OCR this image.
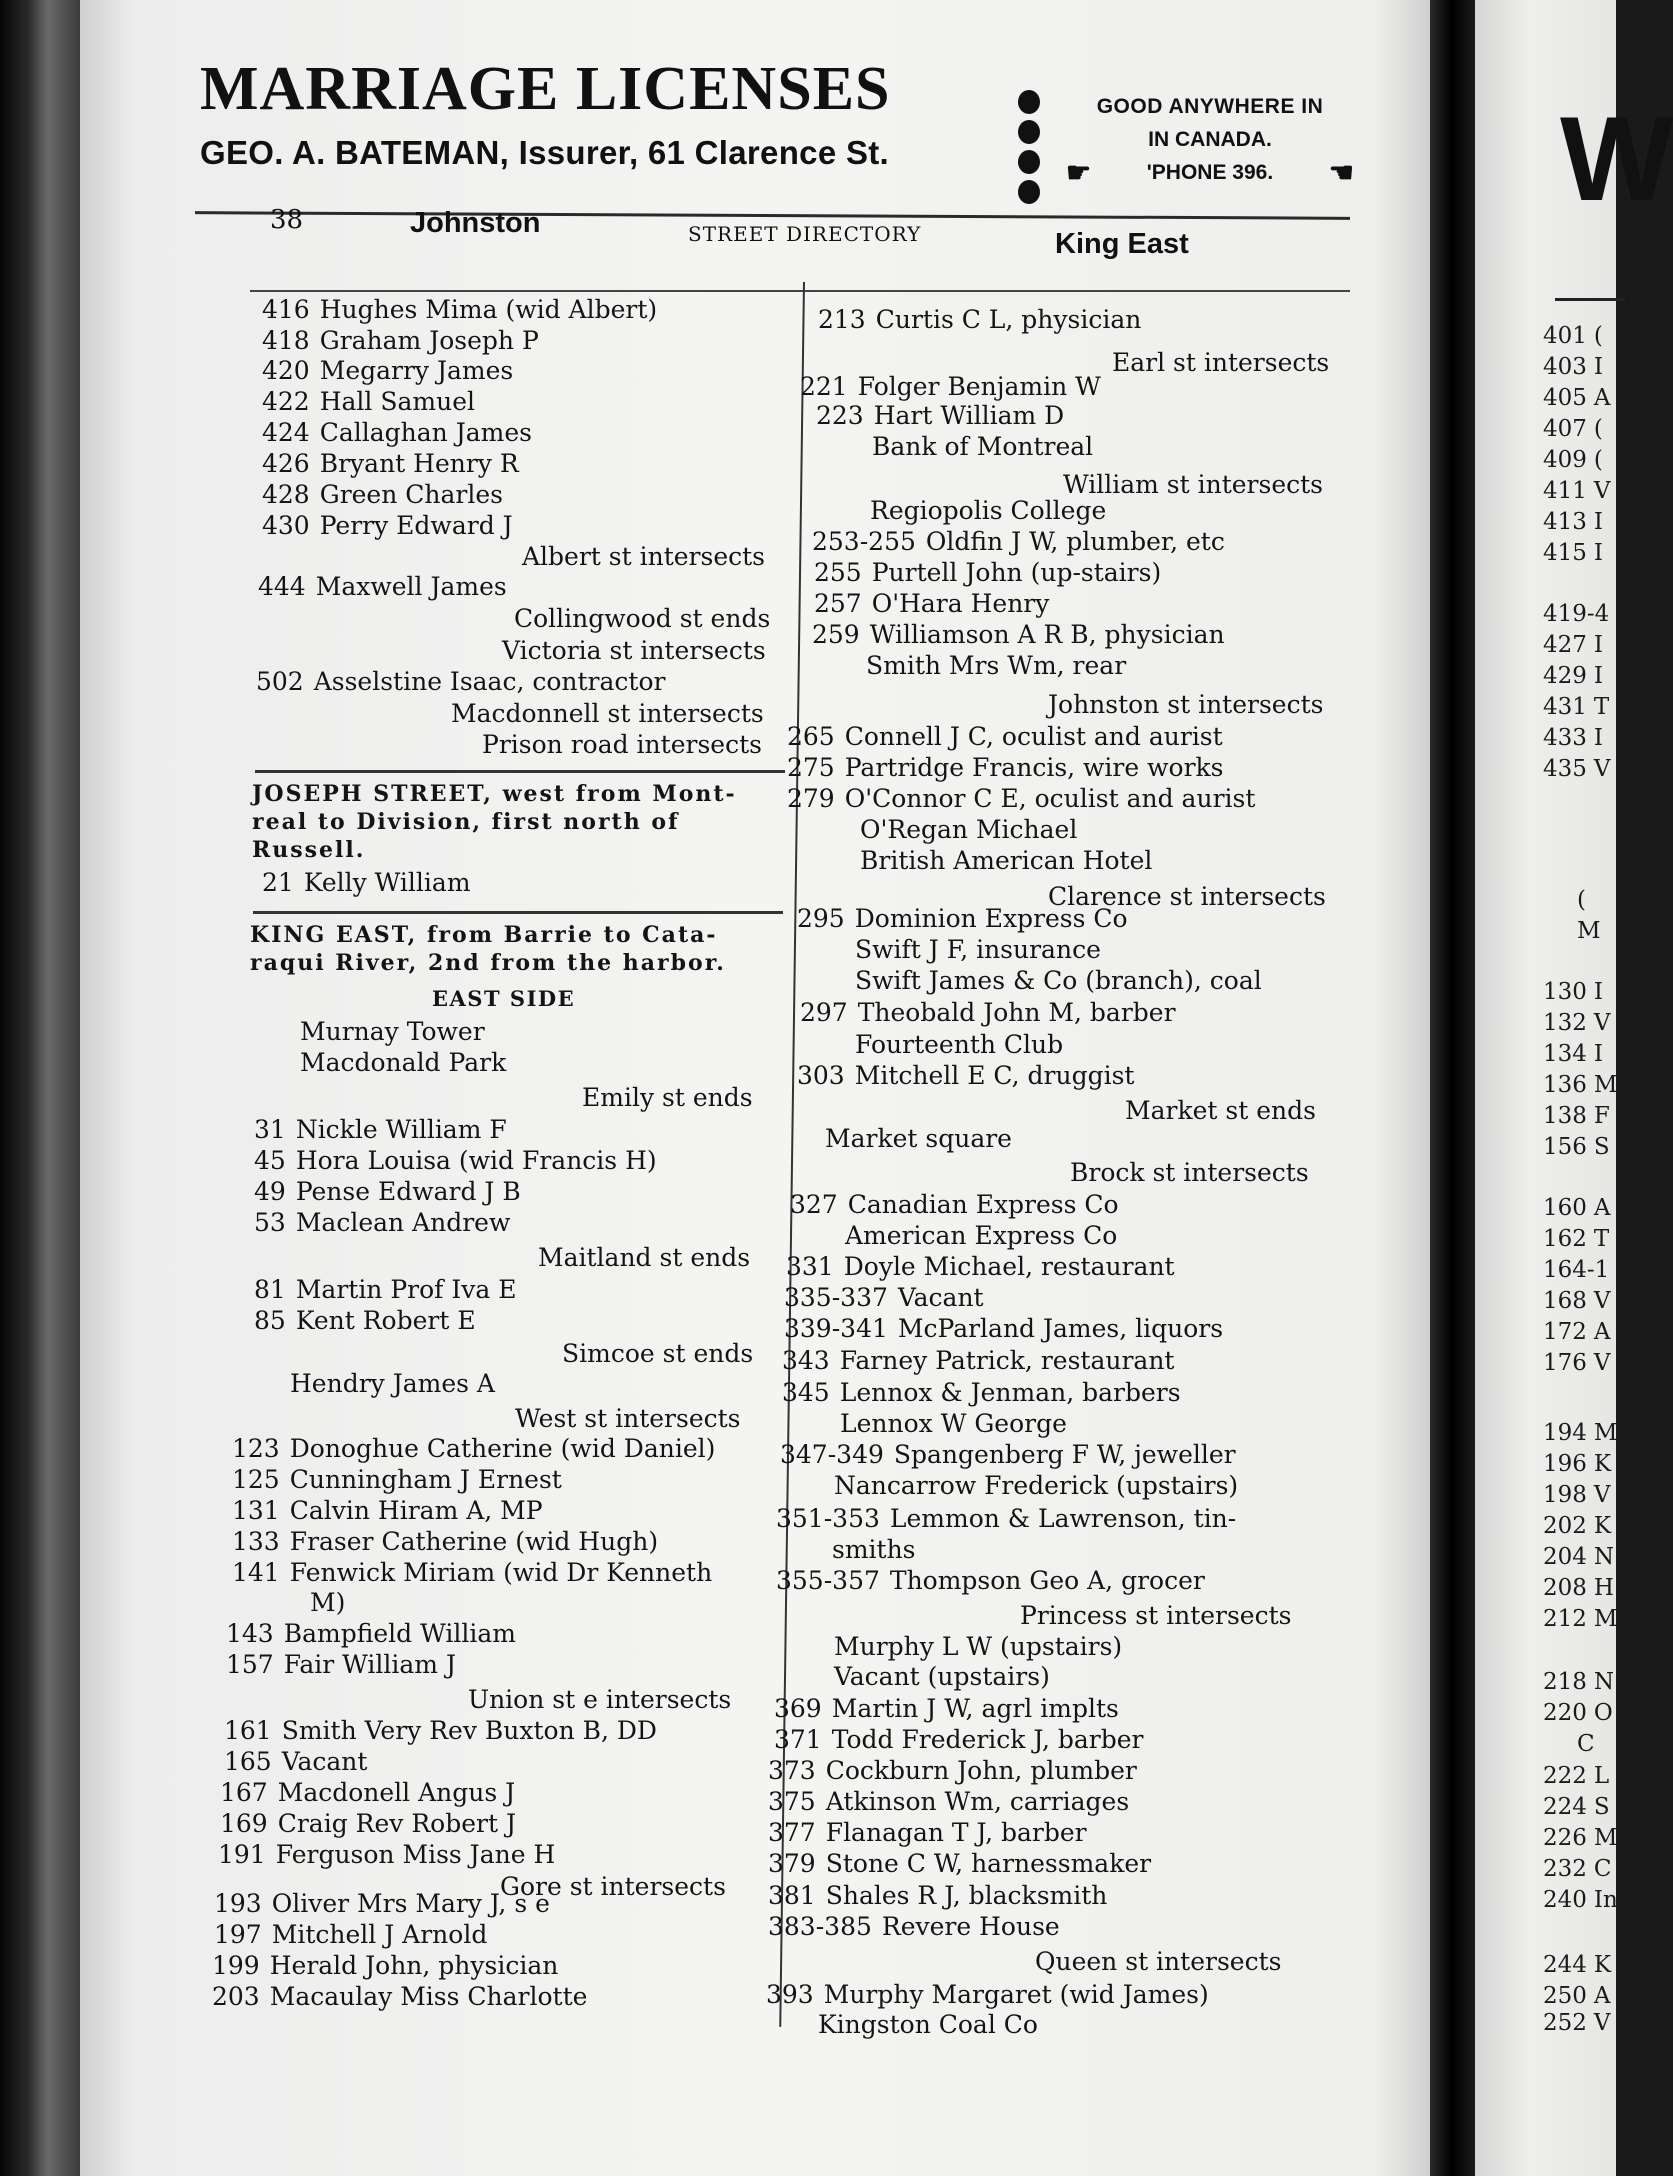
MARRIAGE LICENSES
GEO. A. BATEMAN, Issurer, 61 Clarence St.
GOOD ANYWHERE IN
IN CANADA.
☛	'PHONE 396. ☚
38	Johnston	STREET DIRECTORY	King East
416 Hughes Mima (wid Albert)
418 Graham Joseph P
420 Megarry James
422 Hall Samuel
424 Callaghan James
426 Bryant Henry R
428 Green Charles
430 Perry Edward J
Albert st intersects
444 Maxwell James
Collingwood st ends
Victoria st intersects
502 Asselstine Isaac, contractor
Macdonnell st intersects
Prison road intersects
JOSEPH STREET, west from Mont-
real to Division, first north of
Russell.
21 Kelly William
KING EAST, from Barrie to Cata-
raqui River, 2nd from the harbor.
EAST SIDE
Murnay Tower
Macdonald Park
Emily st ends
31 Nickle William F
45 Hora Louisa (wid Francis H)
49 Pense Edward J B
53 Maclean Andrew
Maitland st ends
81 Martin Prof Iva E
85 Kent Robert E
Simcoe st ends
Hendry James A
West st intersects
123 Donoghue Catherine (wid Daniel)
125 Cunningham J Ernest
131 Calvin Hiram A, MP
133 Fraser Catherine (wid Hugh)
141 Fenwick Miriam (wid Dr Kenneth
M)
143 Bampfield William
157 Fair William J
Union st e intersects
161 Smith Very Rev Buxton B, DD
165 Vacant
167 Macdonell Angus J
169 Craig Rev Robert J
191 Ferguson Miss Jane H
Gore st intersects
193 Oliver Mrs Mary J, s e
197 Mitchell J Arnold
199 Herald John, physician
203 Macaulay Miss Charlotte
213 Curtis C L, physician
Earl st intersects
221 Folger Benjamin W
223 Hart William D
Bank of Montreal
William st intersects
Regiopolis College
253-255 Oldfin J W, plumber, etc
255 Purtell John (up-stairs)
257 O'Hara Henry
259 Williamson A R B, physician
Smith Mrs Wm, rear
Johnston st intersects
265 Connell J C, oculist and aurist
275 Partridge Francis, wire works
279 O'Connor C E, oculist and aurist
O'Regan Michael
British American Hotel
Clarence st intersects
295 Dominion Express Co
Swift J F, insurance
Swift James & Co (branch), coal
297 Theobald John M, barber
Fourteenth Club
303 Mitchell E C, druggist
Market st ends
Market square
Brock st intersects
327 Canadian Express Co
American Express Co
331 Doyle Michael, restaurant
335-337 Vacant
339-341 McParland James, liquors
343 Farney Patrick, restaurant
345 Lennox & Jenman, barbers
Lennox W George
347-349 Spangenberg F W, jeweller
Nancarrow Frederick (upstairs)
351-353 Lemmon & Lawrenson, tin-
smiths
355-357 Thompson Geo A, grocer
Princess st intersects
Murphy L W (upstairs)
Vacant (upstairs)
369 Martin J W, agrl implts
371 Todd Frederick J, barber
373 Cockburn John, plumber
375 Atkinson Wm, carriages
377 Flanagan T J, barber
379 Stone C W, harnessmaker
381 Shales R J, blacksmith
383-385 Revere House
Queen st intersects
393 Murphy Margaret (wid James)
Kingston Coal Co
W
401 (
403 I
405 A
407 (
409 (
411 V
413 I
415 I
419-4
427 I
429 I
431 T
433 I
435 V
(
M
130 I
132 V
134 I
136 M
138 F
156 S
160 A
162 T
164-1
168 V
172 A
176 V
194 M
196 K
198 V
202 K
204 N
208 H
212 M
218 N
220 O
C
222 L
224 S
226 M
232 C
240 In
244 K
250 A
252 V
